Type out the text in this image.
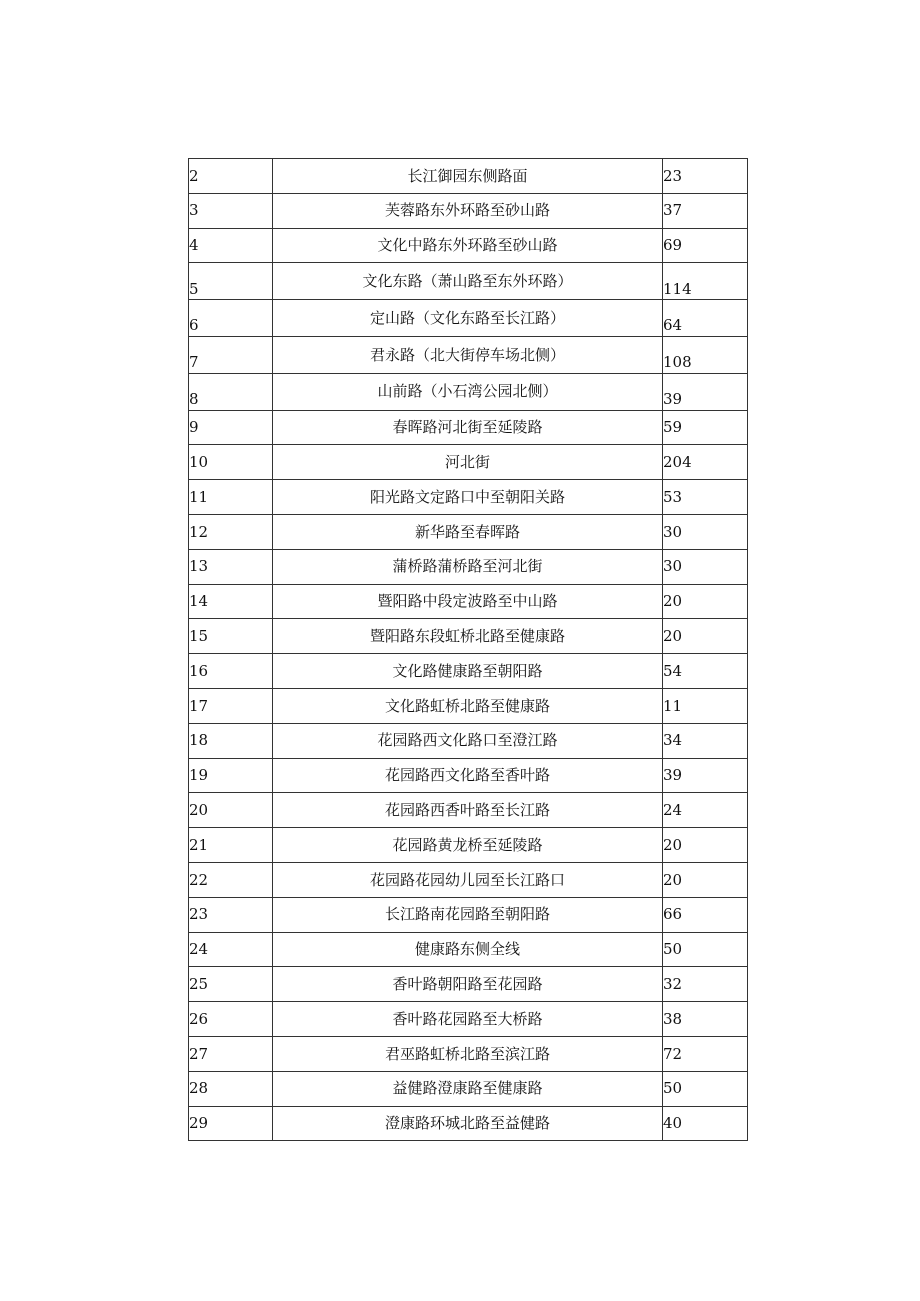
2	长江御园东侧路面	23
3	芙蓉路东外环路至砂山路	37
4	文化中路东外环路至砂山路	69
5	文化东路（萧山路至东外环路）	114
6	定山路（文化东路至长江路）	64
7	君永路（北大街停车场北侧）	108
8	山前路（小石湾公园北侧）	39
9	春晖路河北街至延陵路	59
10	河北街	204
11	阳光路文定路口中至朝阳关路	53
12	新华路至春晖路	30
13	蒲桥路蒲桥路至河北街	30
14	暨阳路中段定波路至中山路	20
15	暨阳路东段虹桥北路至健康路	20
16	文化路健康路至朝阳路	54
17	文化路虹桥北路至健康路	11
18	花园路西文化路口至澄江路	34
19	花园路西文化路至香叶路	39
20	花园路西香叶路至长江路	24
21	花园路黄龙桥至延陵路	20
22	花园路花园幼儿园至长江路口	20
23	长江路南花园路至朝阳路	66
24	健康路东侧全线	50
25	香叶路朝阳路至花园路	32
26	香叶路花园路至大桥路	38
27	君巫路虹桥北路至滨江路	72
28	益健路澄康路至健康路	50
29	澄康路环城北路至益健路	40
